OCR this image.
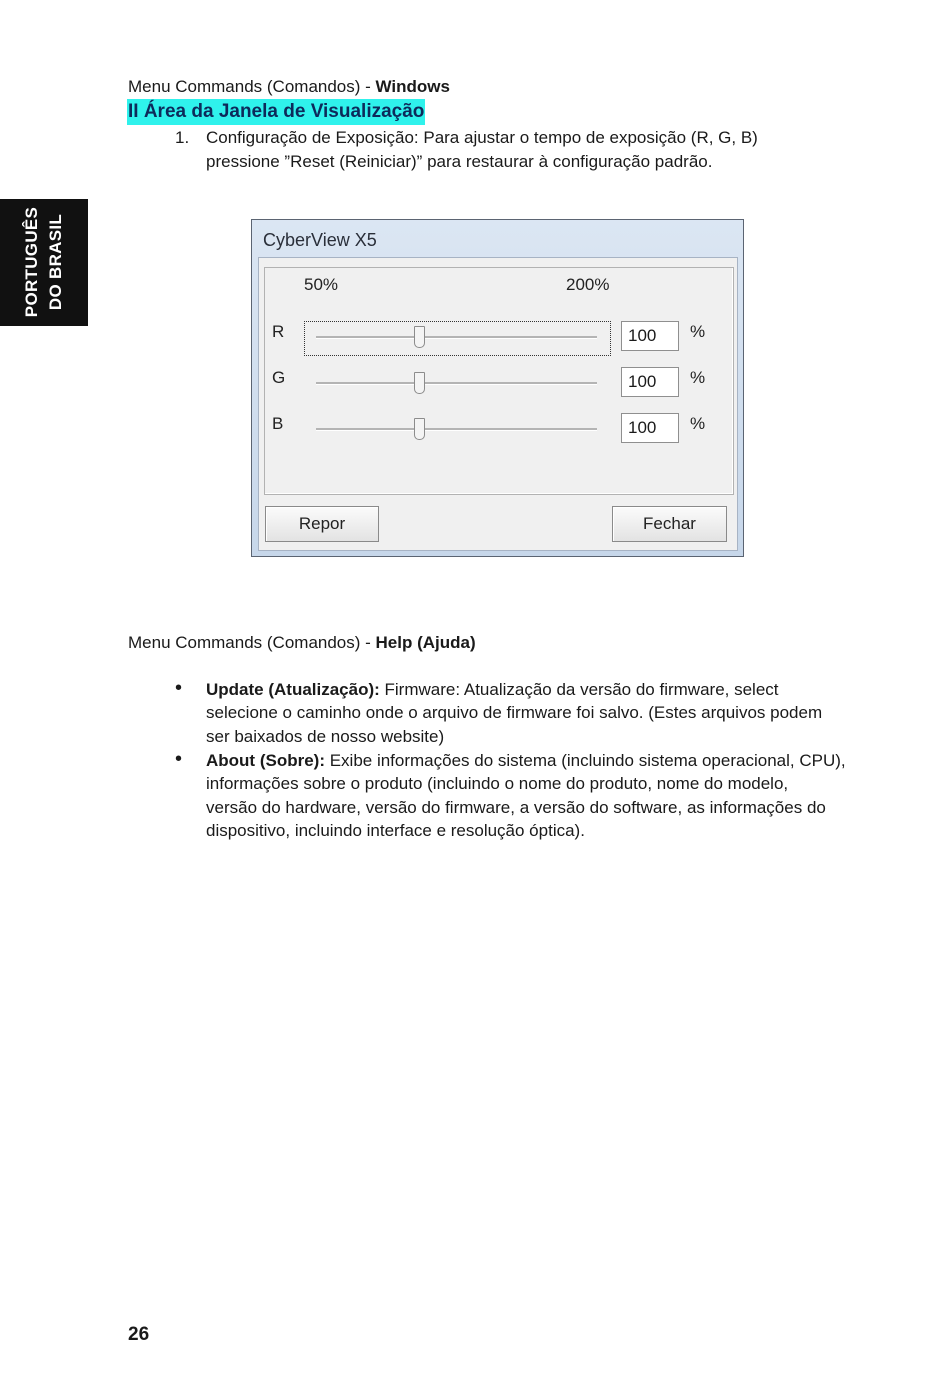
PORTUGUÊS DO BRASIL
Menu Commands (Comandos) - Windows
II Área da Janela de Visualização
1. Configuração de Exposição: Para ajustar o tempo de exposição (R, G, B)
pressione ”Reset (Reiniciar)” para restaurar à configuração padrão.
CyberView X5
50%	200%
R	100	%
G	100	%
B	100	%
Repor	Fechar
Menu Commands (Comandos) - Help (Ajuda)
• Update (Atualização): Firmware: Atualização da versão do firmware, select
selecione o caminho onde o arquivo de firmware foi salvo. (Estes arquivos podem
ser baixados de nosso website)
• About (Sobre): Exibe informações do sistema (incluindo sistema operacional, CPU),
informações sobre o produto (incluindo o nome do produto, nome do modelo,
versão do hardware, versão do firmware, a versão do software, as informações do
dispositivo, incluindo interface e resolução óptica).
26
